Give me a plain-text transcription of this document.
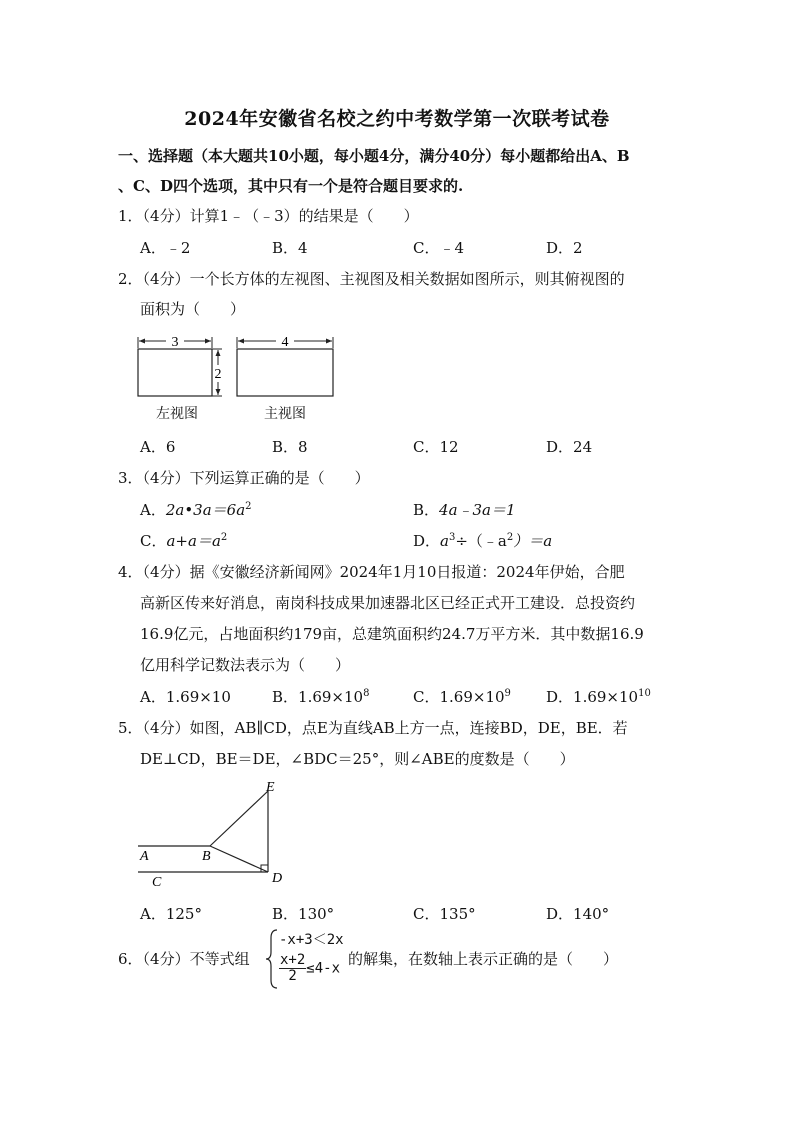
2024年安徽省名校之约中考数学第一次联考试卷
一、选择题（本大题共10小题，每小题4分，满分40分）每小题都给出A、B
、C、D四个选项，其中只有一个是符合题目要求的.
1．（4分）计算1﹣（﹣3）的结果是（　　）
A．﹣2	B．4	C．﹣4	D．2
2．（4分）一个长方体的左视图、主视图及相关数据如图所示，则其俯视图的
面积为（　　）
3
2
4
左视图	主视图
A．6	B．8	C．12	D．24
3．（4分）下列运算正确的是（　　）
A．$2a•3a=6a^2$	B．4a﹣3a＝1
C．$a+a=a^2$	D．$a^3\div(﹣a^2)=a$
4．（4分）据《安徽经济新闻网》2024年1月10日报道：2024年伊始，合肥
高新区传来好消息，南岗科技成果加速器北区已经正式开工建设．总投资约
16.9亿元，占地面积约179亩，总建筑面积约24.7万平方米．其中数据16.9
亿用科学记数法表示为（　　）
A．1.69×10	B．$1.69\times 10^8$	C．$1.69\times 10^9$ D．$1.69\times 10^{10}$
5．（4分）如图，AB∥CD，点E为直线AB上方一点，连接BD，DE，BE．若
DE⊥CD，BE＝DE，∠BDC＝25°，则∠ABE的度数是（　　）
A	B
C	D
E
A．125°	B．130°	C．135°	D．140°
6．（4分）不等式组
-x+3＜2x
$\frac{x+2}{2} \le 4-x$
的解集，在数轴上表示正确的是（　　）
